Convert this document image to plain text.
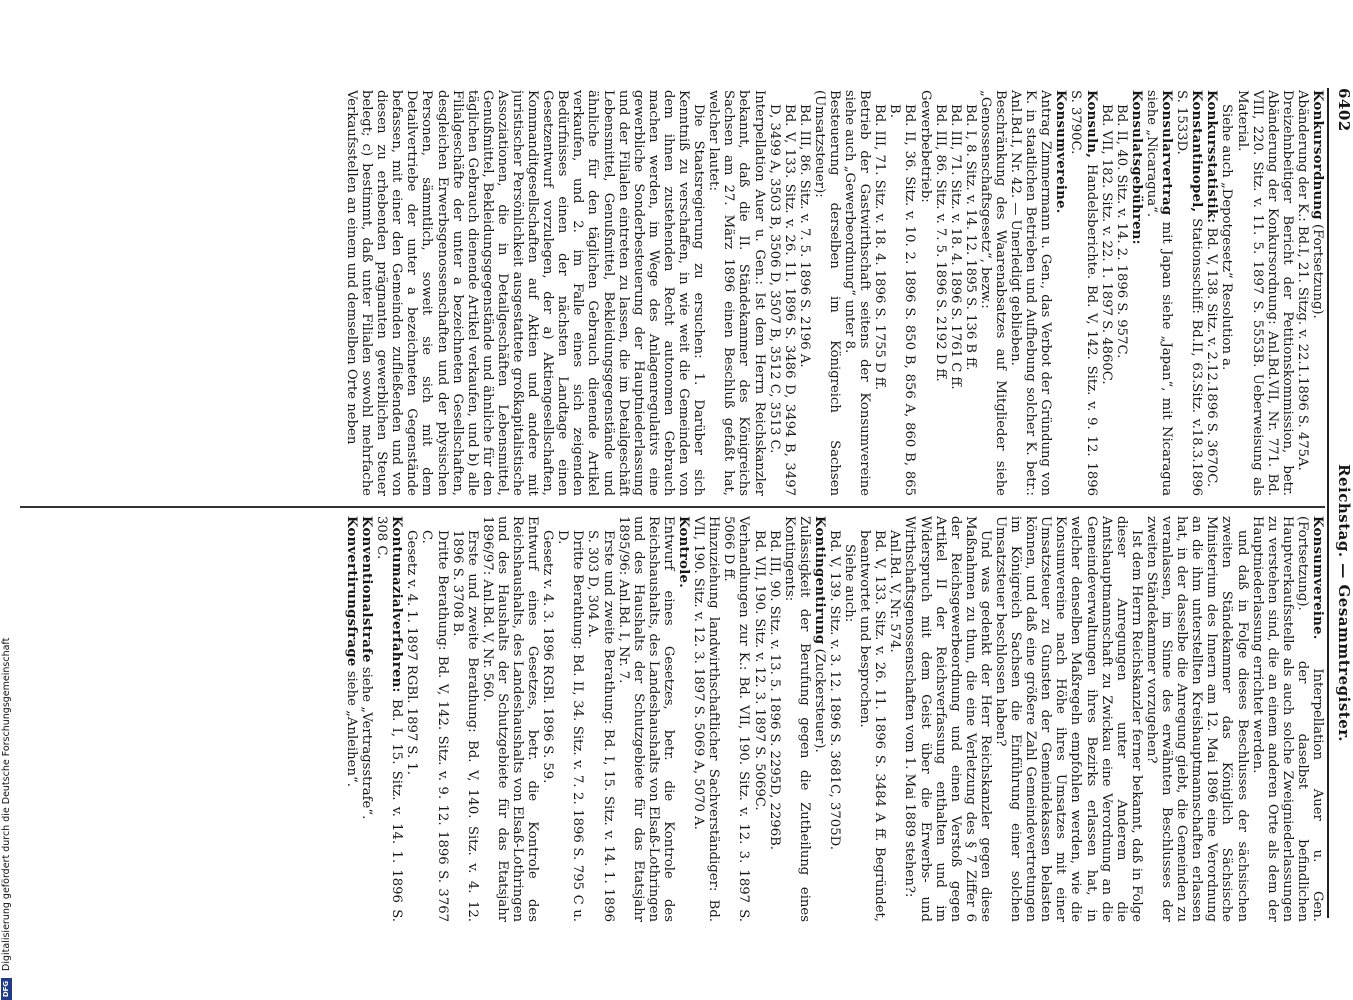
6402
Reichstag. — Gesammtregister.

Konkursordnung (Fortsetzung).

Abänderung der K.: Bd.I, 21. Sitzg. v. 22.1.1896 S. 475A.

Dreizehnbeitiger Bericht der Petitionskommission, betr. Abänderung der Konkursordnung: Anl.Bd.VII, Nr. 771. Bd. VIII, 220. Sitz. v. 11. 5. 1897 S. 5553B. Ueberweisung als Material.

Siehe auch „Depotgesetz“ Resolution a.

Konkursstatistik: Bd. V, 138. Sitz. v. 2.12.1896 S. 3670C.

Konstantinopel, Stationsschiff: Bd.II, 63.Sitz. v.18.3.1896 S. 1533D.

Konsularvertrag mit Japan siehe „Japan“, mit Nicaragua siehe „Nicaragua“.

Konsulatsgebühren:

Bd. II, 40. Sitz. v. 14. 2. 1896 S. 957C.

Bd. VII, 182. Sitz. v. 22. 1. 1897 S. 4860C.

Konsuln, Handelsberichte. Bd. V, 142. Sitz. v. 9. 12. 1896 S. 3790C.

Konsumvereine.

Antrag Zimmermann u. Gen., das Verbot der Gründung von K. in staatlichen Betrieben und Aufhebung solcher K. betr.: Anl.Bd.I, Nr. 42. — Unerledigt geblieben.

Beschränkung des Waarenabsatzes auf Mitglieder siehe „Genossenschaftsgesetz“, bezw.:

Bd. I, 8. Sitz. v. 14. 12. 1895 S. 136 B ff.

Bd. III, 71. Sitz. v. 18. 4. 1896 S. 1761 C ff.

Bd. III, 86. Sitz. v. 7. 5. 1896 S. 2192 D ff.

Gewerbebetrieb:

Bd. II, 36. Sitz. v. 10. 2. 1896 S. 850 B, 856 A, 860 B, 865 B.

Bd. III, 71. Sitz. v. 18. 4. 1896 S. 1755 D ff.

Betrieb der Gastwirthschaft seitens der Konsumvereine siehe auch „Gewerbeordnung“ unter 8.

Besteuerung derselben im Königreich Sachsen (Umsatzsteuer):

Bd. III, 86. Sitz. v. 7. 5. 1896 S. 2196 A.

Bd. V, 133. Sitz. v. 26. 11. 1896 S. 3486 D, 3494 B, 3497 D, 3499 A, 3503 B, 3506 D, 3507 B, 3512 C, 3513 C.

Interpellation Auer u. Gen.: Ist dem Herrn Reichskanzler bekannt, daß die II. Ständekammer des Königreichs Sachsen am 27. März 1896 einen Beschluß gefaßt hat, welcher lautet:

Die Staatsregierung zu ersuchen: 1. Darüber sich Kenntniß zu verschaffen, in wie weit die Gemeinden von dem ihnen zustehenden Recht autonomen Gebrauch machen werden, im Wege des Anlagenregulativs eine gewerbliche Sonderbesteuerung der Hauptniederlassung und der Filialen eintreten zu lassen, die im Detailgeschäft Lebensmittel, Genußmittel, Bekleidungsgegenstände und ähnliche für den täglichen Gebrauch dienende Artikel verkaufen, und 2. im Falle eines sich zeigenden Bedürfnisses einen der nächsten Landtage einen Gesetzentwurf vorzulegen, der a) Aktiengesellschaften, Kommanditgesellschaften auf Aktien und andere mit juristischer Persönlichkeit ausgestattete großkapitalistische Assoziationen, die in Detailgeschäften Lebensmittel, Genußmittel, Bekleidungsgegenstände und ähnliche für den täglichen Gebrauch dienende Artikel verkaufen, und b) alle Filialgeschäfte der unter a bezeichneten Gesellschaften, desgleichen Erwerbsgenossenschaften und der physischen Personen, sämmtlich, soweit sie sich mit dem Detailvertriebe der unter a bezeichneten Gegenstände befassen, mit einer den Gemeinden zufließenden und von diesen zu erhebenden prägnanten gewerblichen Steuer belegt; c) bestimmt, daß unter Filialen sowohl mehrfache Verkaufsstellen an einem und demselben Orte neben

Konsumvereine. Interpellation Auer u. Gen. (Fortsetzung). der daselbst befindlichen Hauptverkaufsstelle als auch solche Zweigniederlassungen zu verstehen sind, die an einem anderen Orte als dem der Hauptniederlassung errichtet werden.

und daß in Folge dieses Beschlusses der sächsischen zweiten Ständekammer das Königlich Sächsische Ministerium des Innern am 12. Mai 1896 eine Verordnung an die ihm unterstellten Kreishauptmannschaften erlassen hat, in der dasselbe die Anregung giebt, die Gemeinden zu veranlassen, im Sinne des erwähnten Beschlusses der zweiten Ständekammer vorzugehen?

Ist dem Herrn Reichskanzler ferner bekannt, daß in Folge dieser Anregungen unter Anderem die Amtshauptmannschaft zu Zwickau eine Verordnung an die Gemeindeverwaltungen ihres Bezirks erlassen hat, in welcher denselben Maßregeln empfohlen werden, wie die Konsumvereine nach Höhe ihres Umsatzes mit einer Umsatzsteuer zu Gunsten der Gemeindekassen belasten können, und daß eine größere Zahl Gemeindevertretungen im Königreich Sachsen die Einführung einer solchen Umsatzsteuer beschlossen haben?

Und was gedenkt der Herr Reichskanzler gegen diese Maßnahmen zu thun, die eine Verletzung des § 7 Ziffer 6 der Reichsgewerbeordnung und einen Verstoß gegen Artikel II der Reichsverfassung enthalten und im Widerspruch mit dem Geist über die Erwerbs- und Wirthschaftsgenossenschaften vom 1. Mai 1889 stehen?:

Anl.Bd. V, Nr. 574.

Bd. V, 133. Sitz. v. 26. 11. 1896 S. 3484 A ff. Begründet, beantwortet und besprochen.

Siehe auch:

Bd. V, 139. Sitz. v. 3. 12. 1896 S. 3681C, 3705D.

Kontingentirung (Zuckersteuer).

Zulässigkeit der Berufung gegen die Zutheilung eines Kontingents:

Bd. III, 90. Sitz. v. 13. 5. 1896 S. 2295D, 2296B.

Bd. VII, 190. Sitz. v. 12. 3. 1897 S. 5069C.

Verhandlungen zur K.: Bd. VII, 190. Sitz. v. 12. 3. 1897 S. 5066 D ff.

Hinzuziehung landwirthschaftlicher Sachverständiger: Bd. VII, 190. Sitz. v. 12. 3. 1897 S. 5069 A, 5070 A.

Kontrole.

Entwurf eines Gesetzes, betr. die Kontrole des Reichshaushalts, des Landeshaushalts von Elsaß-Lothringen und des Haushalts der Schutzgebiete für das Etatsjahr 1895/96: Anl.Bd. I, Nr. 7.

Erste und zweite Berathung: Bd. I, 15. Sitz. v. 14. 1. 1896 S. 303 D, 304 A.

Dritte Berathung: Bd. II, 34. Sitz. v. 7. 2. 1896 S. 795 C u. D.

Gesetz v. 4. 3. 1896 RGBl. 1896 S. 59.

Entwurf eines Gesetzes, betr. die Kontrole des Reichshaushalts, des Landeshaushalts von Elsaß-Lothringen und des Haushalts der Schutzgebiete für das Etatsjahr 1896/97: Anl.Bd. V, Nr. 560.

Erste und zweite Berathung: Bd. V, 140. Sitz. v. 4. 12. 1896 S. 3708 B.

Dritte Berathung: Bd. V, 142. Sitz. v. 9. 12. 1896 S. 3767 C.

Gesetz v. 4. 1. 1897 RGBl. 1897 S. 1.

Kontumazialverfahren: Bd. I, 15. Sitz. v. 14. 1. 1896 S. 308 C.

Konventionalstrafe siehe „Vertragsstrafe“.

Konvertirungsfrage siehe „Anleihen“.

DFG Digitalisierung gefördert durch die Deutsche Forschungsgemeinschaft
